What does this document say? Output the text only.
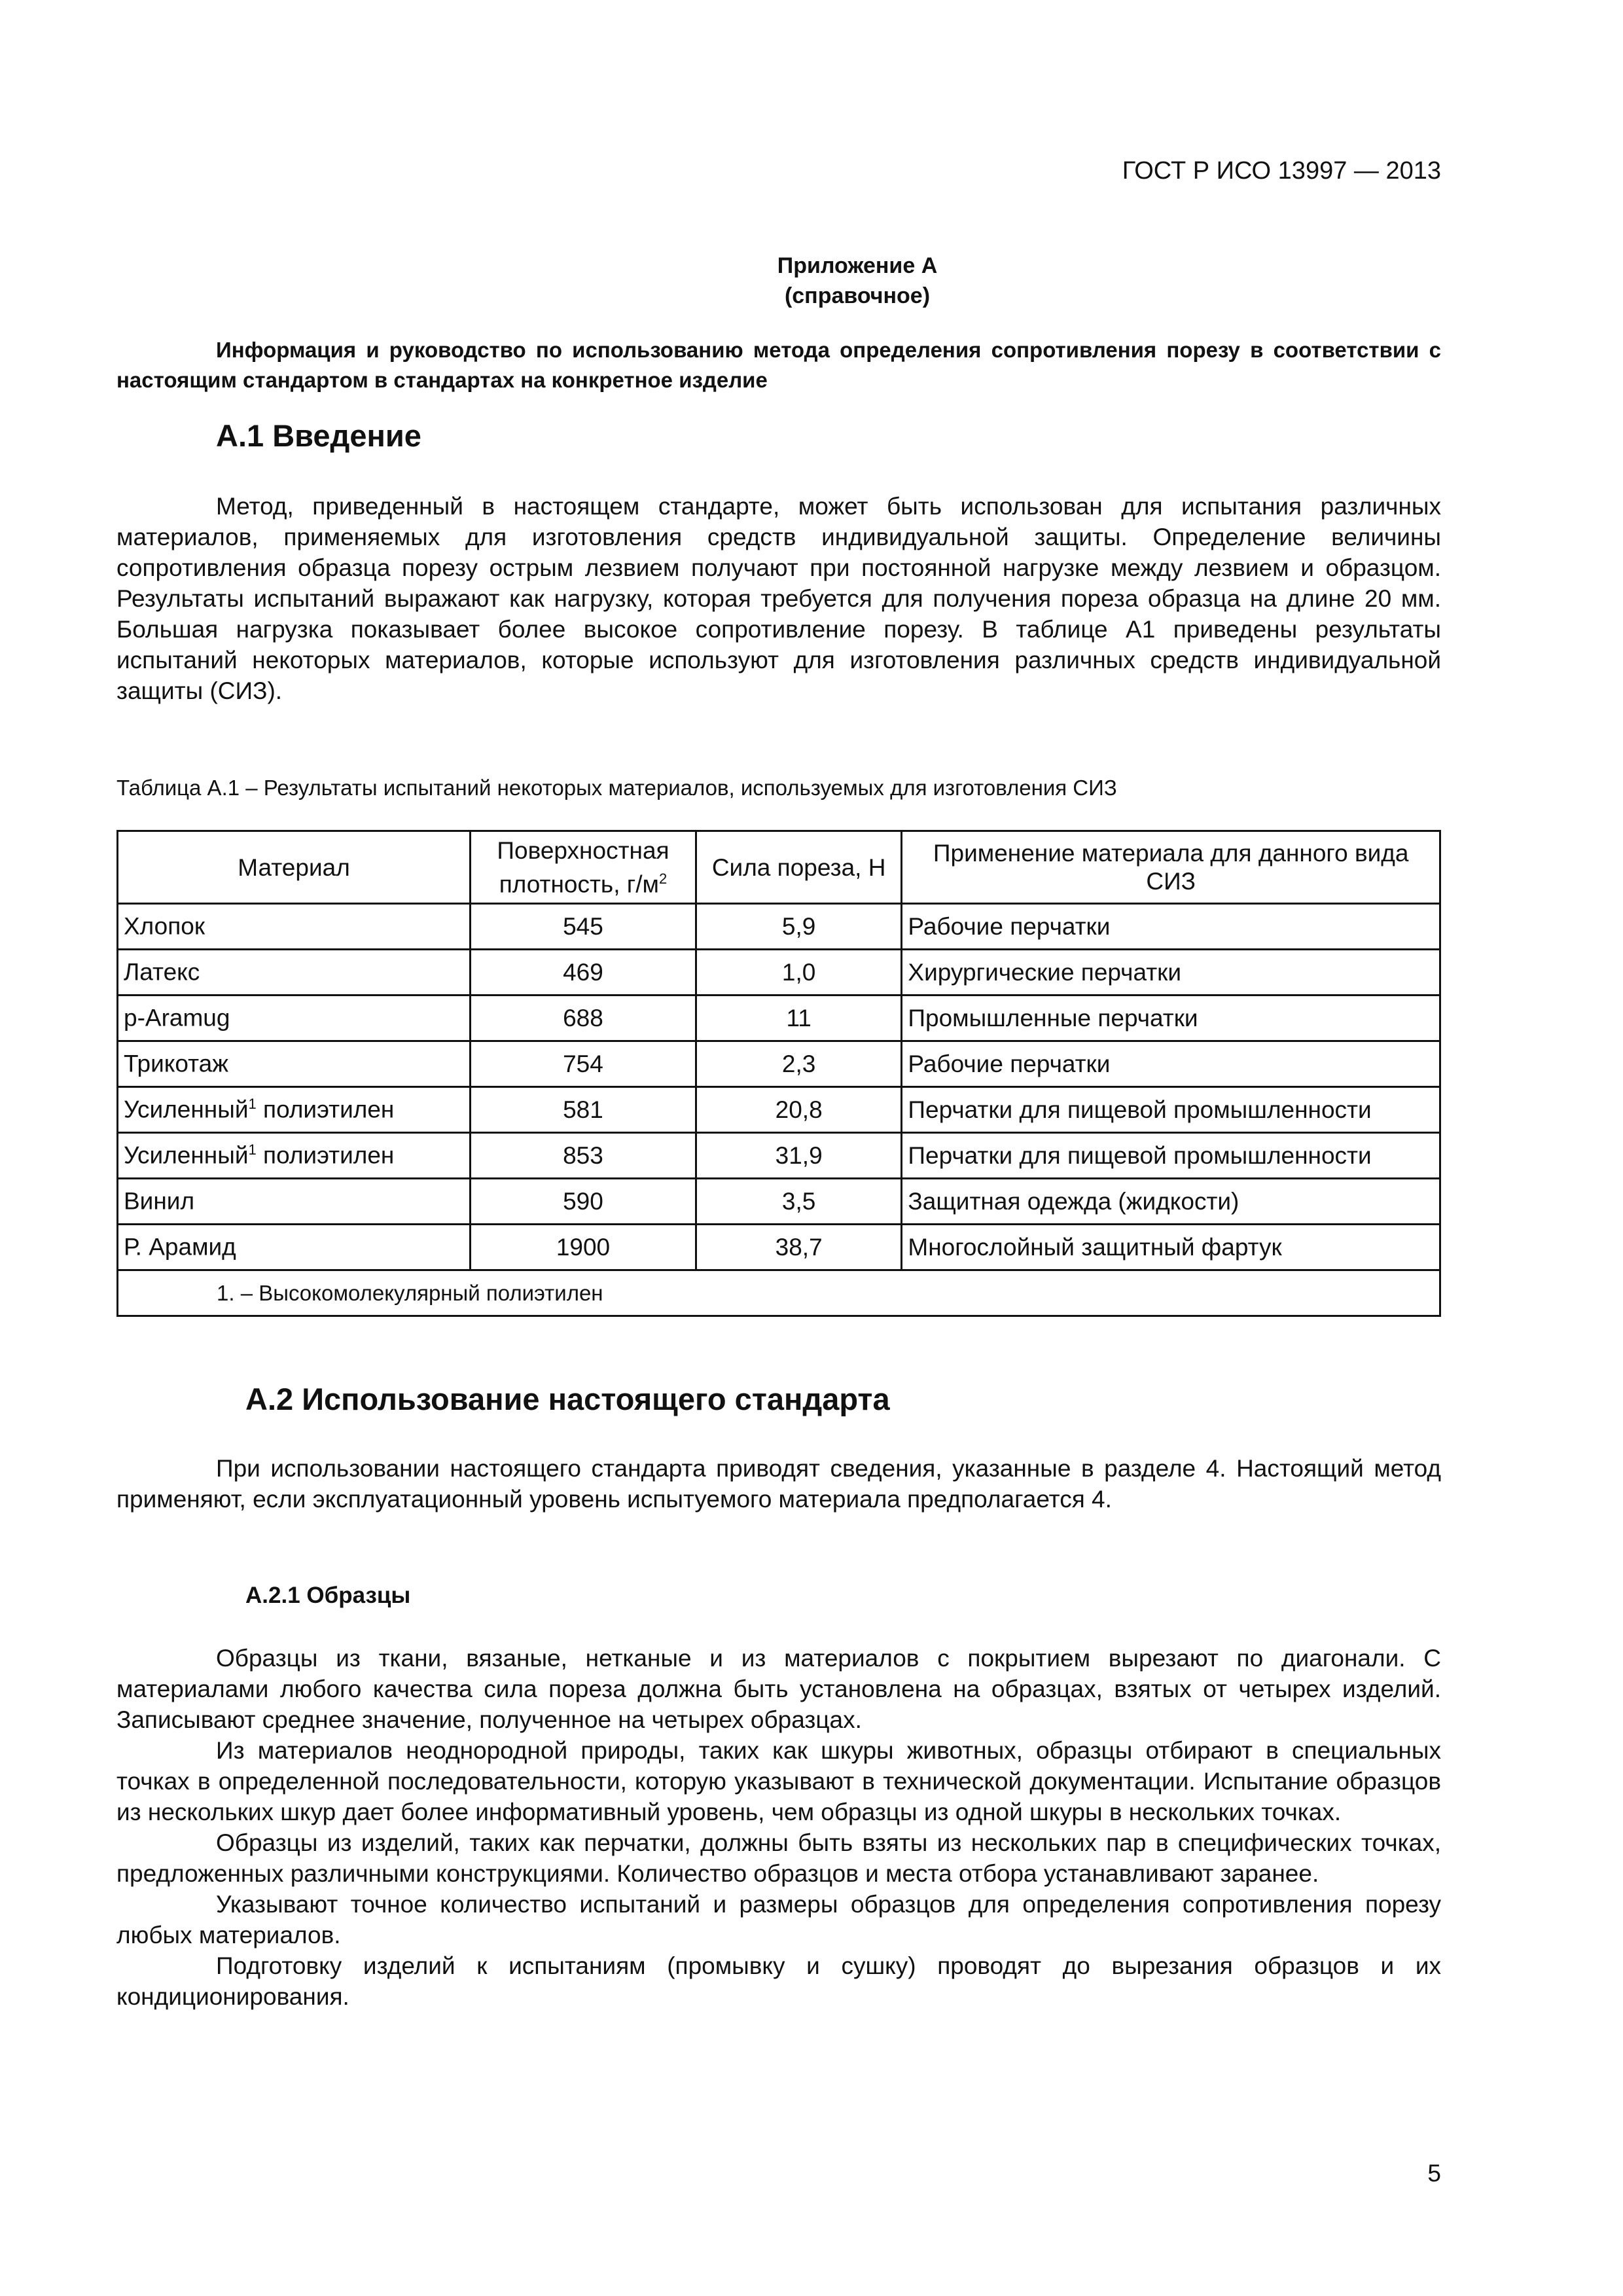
ГОСТ Р ИСО 13997 — 2013
Приложение А
(справочное)
Информация и руководство по использованию метода определения сопротивления порезу в соответствии с настоящим стандартом в стандартах на конкретное изделие
А.1 Введение

Метод, приведенный в настоящем стандарте, может быть использован для испытания различных материалов, применяемых для изготовления средств индивидуальной защиты. Определение величины сопротивления образца порезу острым лезвием получают при постоянной нагрузке между лезвием и образцом. Результаты испытаний выражают как нагрузку, которая требуется для получения пореза образца на длине 20 мм. Большая нагрузка показывает более высокое сопротивление порезу. В таблице А1 приведены результаты испытаний некоторых материалов, которые используют для изготовления различных средств индивидуальной защиты (СИЗ).

Таблица А.1 – Результаты испытаний некоторых материалов, используемых для изготовления СИЗ
Материал	Поверхностная плотность, $г/м^2$	Сила пореза, Н	Применение материала для данного вида СИЗ
Хлопок	545	5,9	Рабочие перчатки
Латекс	469	1,0	Хирургические перчатки
р-Aramug	688	11	Промышленные перчатки
Трикотаж	754	2,3	Рабочие перчатки
Усиленный$^1$ полиэтилен	581	20,8	Перчатки для пищевой промышленности
Усиленный$^1$ полиэтилен	853	31,9	Перчатки для пищевой промышленности
Винил	590	3,5	Защитная одежда (жидкости)
Р. Арамид	1900	38,7	Многослойный защитный фартук
1. – Высокомолекулярный полиэтилен			
А.2 Использование настоящего стандарта

При использовании настоящего стандарта приводят сведения, указанные в разделе 4. Настоящий метод применяют, если эксплуатационный уровень испытуемого материала предполагается 4.

А.2.1 Образцы

Образцы из ткани, вязаные, нетканые и из материалов с покрытием вырезают по диагонали. С материалами любого качества сила пореза должна быть установлена на образцах, взятых от четырех изделий. Записывают среднее значение, полученное на четырех образцах.

Из материалов неоднородной природы, таких как шкуры животных, образцы отбирают в специальных точках в определенной последовательности, которую указывают в технической документации. Испытание образцов из нескольких шкур дает более информативный уровень, чем образцы из одной шкуры в нескольких точках.

Образцы из изделий, таких как перчатки, должны быть взяты из нескольких пар в специфических точках, предложенных различными конструкциями. Количество образцов и места отбора устанавливают заранее.

Указывают точное количество испытаний и размеры образцов для определения сопротивления порезу любых материалов.

Подготовку изделий к испытаниям (промывку и сушку) проводят до вырезания образцов и их кондиционирования.

5
